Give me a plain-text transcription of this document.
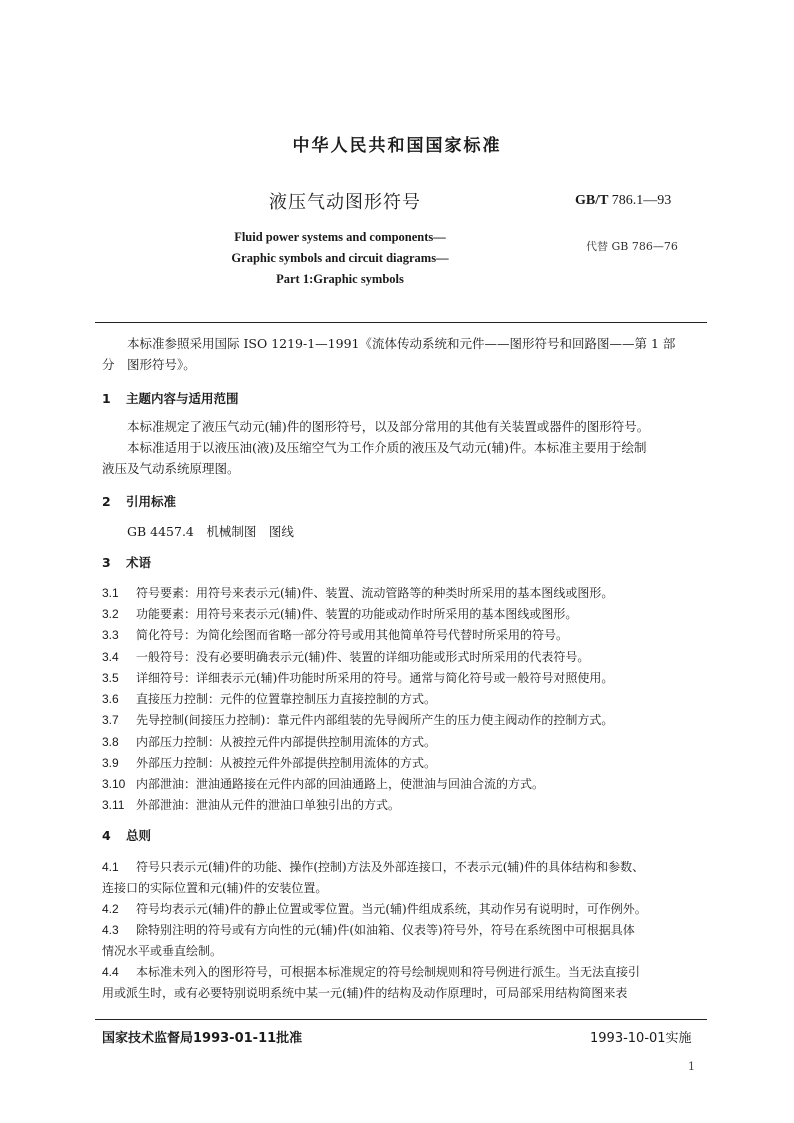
中华人民共和国国家标准
液压气动图形符号	GB/T 786.1—93
代替 GB 786—76
Fluid power systems and components—
Graphic symbols and circuit diagrams—
Part 1:Graphic symbols
本标准参照采用国际 ISO 1219-1—1991《流体传动系统和元件——图形符号和回路图——第 1 部
分　图形符号》。
1 主题内容与适用范围
本标准规定了液压气动元(辅)件的图形符号，以及部分常用的其他有关装置或器件的图形符号。
本标准适用于以液压油(液)及压缩空气为工作介质的液压及气动元(辅)件。本标准主要用于绘制
液压及气动系统原理图。
2 引用标准
GB 4457.4　机械制图　图线
3 术语
3.1 符号要素：用符号来表示元(辅)件、装置、流动管路等的种类时所采用的基本图线或图形。
3.2 功能要素：用符号来表示元(辅)件、装置的功能或动作时所采用的基本图线或图形。
3.3 简化符号：为简化绘图而省略一部分符号或用其他简单符号代替时所采用的符号。
3.4 一般符号：没有必要明确表示元(辅)件、装置的详细功能或形式时所采用的代表符号。
3.5 详细符号：详细表示元(辅)件功能时所采用的符号。通常与简化符号或一般符号对照使用。
3.6 直接压力控制：元件的位置靠控制压力直接控制的方式。
3.7 先导控制(间接压力控制)：靠元件内部组装的先导阀所产生的压力使主阀动作的控制方式。
3.8 内部压力控制：从被控元件内部提供控制用流体的方式。
3.9 外部压力控制：从被控元件外部提供控制用流体的方式。
3.10 内部泄油：泄油通路接在元件内部的回油通路上，使泄油与回油合流的方式。
3.11 外部泄油：泄油从元件的泄油口单独引出的方式。
4 总则
4.1 符号只表示元(辅)件的功能、操作(控制)方法及外部连接口，不表示元(辅)件的具体结构和参数、
连接口的实际位置和元(辅)件的安装位置。
4.2 符号均表示元(辅)件的静止位置或零位置。当元(辅)件组成系统，其动作另有说明时，可作例外。
4.3 除特别注明的符号或有方向性的元(辅)件(如油箱、仪表等)符号外，符号在系统图中可根据具体
情况水平或垂直绘制。
4.4 本标准未列入的图形符号，可根据本标准规定的符号绘制规则和符号例进行派生。当无法直接引
用或派生时，或有必要特别说明系统中某一元(辅)件的结构及动作原理时，可局部采用结构简图来表
国家技术监督局1993-01-11批准	1993-10-01实施
1
